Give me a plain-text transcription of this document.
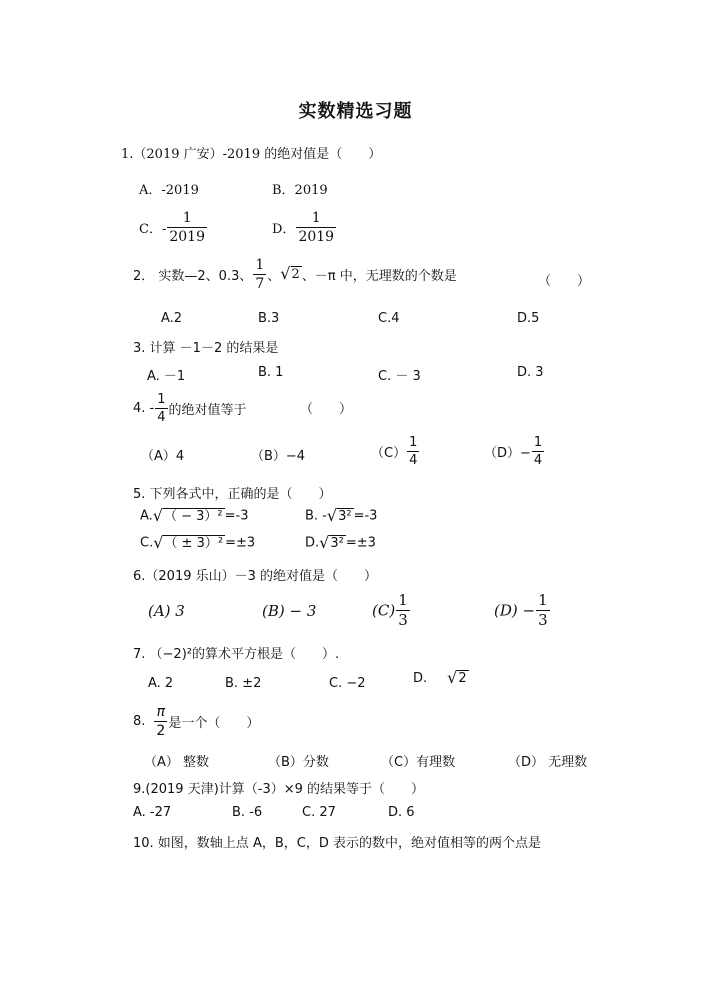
实数精选习题
1.（2019 广安）-2019 的绝对值是（　　）
A．-2019	B．2019
C．- $\frac{1}{2019}$	D． $\frac{1}{2019}$
2． 实数—2、0.3、 $\frac{1}{7}$ 、 √ 2 、－π 中，无理数的个数是	（　　）
A.2	B.3	C.4	D.5
3. 计算 －1－2 的结果是
A. －1	B. 1	C. － 3	D. 3
4. - $\frac{1}{4}$ 的绝对值等于	（　　）
（A）4	（B）−4	$(C) \frac{1}{4}$	$(D)- \frac{1}{4}$
5. 下列各式中，正确的是（　　）
A. √ （ − 3）² =-3	B. - √ 3² =-3
C. √ （ ± 3）² =±3	D. √ 3² =±3
6.（2019 乐山）－3 的绝对值是（　　）
(A) 3	(B) − 3	$(C) \frac{1}{3}$	$(D) - \frac{1}{3}$
7. （−2)²的算术平方根是（　　）.
A. 2	B. ±2	C. −2	D. √ 2
8. $\frac{\pi}{2}$ 是一个（　　）
（A） 整数	（B）分数	（C）有理数	（D） 无理数
9.(2019 天津)计算（-3）×9 的结果等于（　　）
A. -27	B. -6	C. 27	D. 6
10. 如图，数轴上点 A，B，C，D 表示的数中，绝对值相等的两个点是
